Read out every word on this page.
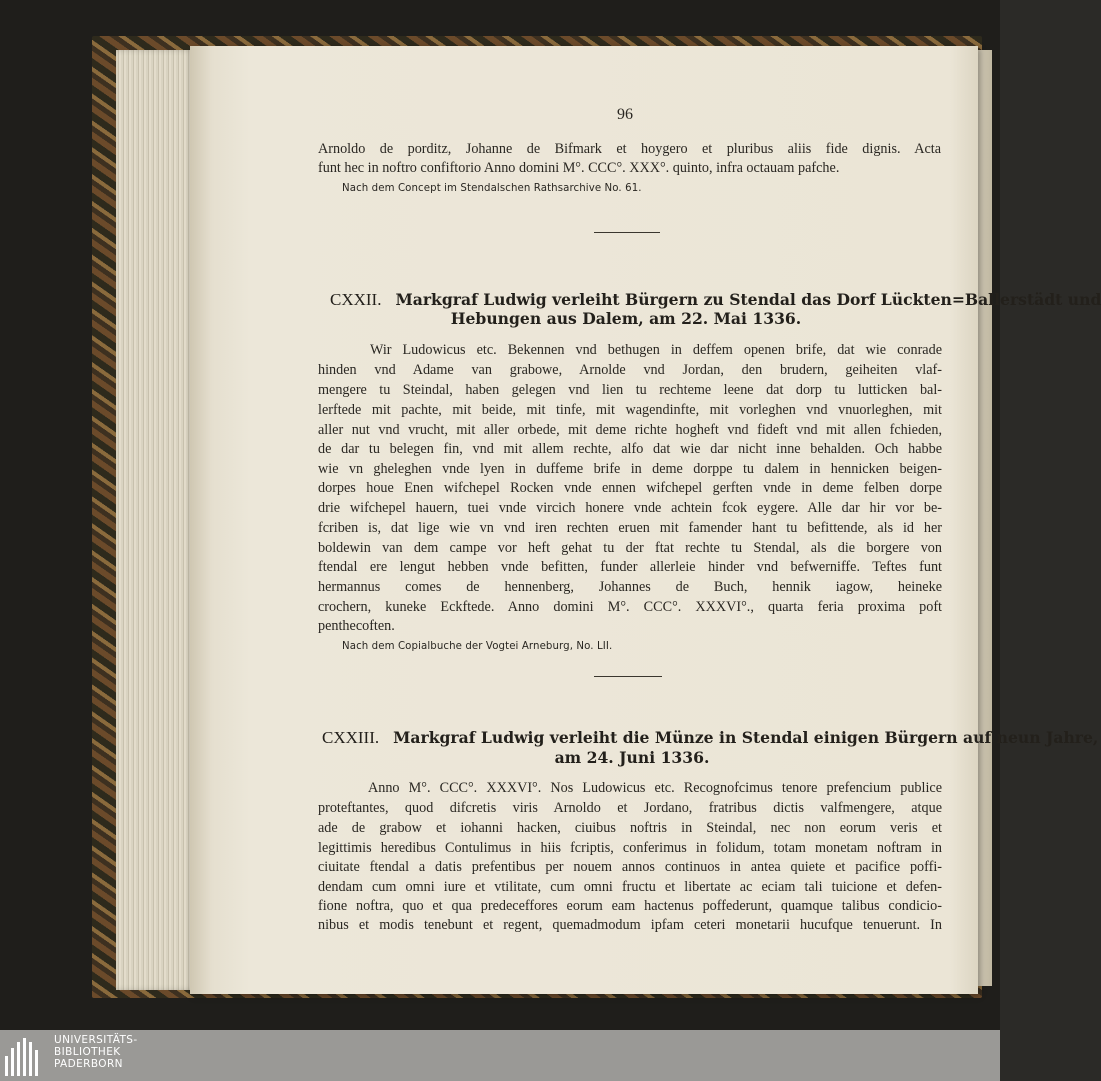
96
Arnoldo de porditz, Johanne de Bifmark et hoygero et pluribus aliis fide dignis. Acta
funt hec in noftro confiftorio Anno domini M°. CCC°. XXX°. quinto, infra octauam pafche.
Nach dem Concept im Stendalschen Rathsarchive No. 61.
CXXII. Markgraf Ludwig verleiht Bürgern zu Stendal das Dorf Lückten=Ballerstädt und
Hebungen aus Dalem, am 22. Mai 1336.
Wir Ludowicus etc. Bekennen vnd bethugen in deffem openen brife, dat wie conrade
hinden vnd Adame van grabowe, Arnolde vnd Jordan, den brudern, geiheiten vlaf-
mengere tu Steindal, haben gelegen vnd lien tu rechteme leene dat dorp tu lutticken bal-
lerftede mit pachte, mit beide, mit tinfe, mit wagendinfte, mit vorleghen vnd vnuorleghen, mit
aller nut vnd vrucht, mit aller orbede, mit deme richte hogheft vnd fideft vnd mit allen fchieden,
de dar tu belegen fin, vnd mit allem rechte, alfo dat wie dar nicht inne behalden. Och habbe
wie vn gheleghen vnde lyen in duffeme brife in deme dorppe tu dalem in hennicken beigen-
dorpes houe Enen wifchepel Rocken vnde ennen wifchepel gerften vnde in deme felben dorpe
drie wifchepel hauern, tuei vnde vircich honere vnde achtein fcok eygere. Alle dar hir vor be-
fcriben is, dat lige wie vn vnd iren rechten eruen mit famender hant tu befittende, als id her
boldewin van dem campe vor heft gehat tu der ftat rechte tu Stendal, als die borgere von
ftendal ere lengut hebben vnde befitten, funder allerleie hinder vnd befwerniffe. Teftes funt
hermannus comes de hennenberg, Johannes de Buch, hennik iagow, heineke
crochern, kuneke Eckftede. Anno domini M°. CCC°. XXXVI°., quarta feria proxima poft
penthecoften.
Nach dem Copialbuche der Vogtei Arneburg, No. LII.
CXXIII. Markgraf Ludwig verleiht die Münze in Stendal einigen Bürgern auf neun Jahre,
am 24. Juni 1336.
Anno M°. CCC°. XXXVI°. Nos Ludowicus etc. Recognofcimus tenore prefencium publice
proteftantes, quod difcretis viris Arnoldo et Jordano, fratribus dictis valfmengere, atque
ade de grabow et iohanni hacken, ciuibus noftris in Steindal, nec non eorum veris et
legittimis heredibus Contulimus in hiis fcriptis, conferimus in folidum, totam monetam noftram in
ciuitate ftendal a datis prefentibus per nouem annos continuos in antea quiete et pacifice poffi-
dendam cum omni iure et vtilitate, cum omni fructu et libertate ac eciam tali tuicione et defen-
fione noftra, quo et qua predeceffores eorum eam hactenus poffederunt, quamque talibus condicio-
nibus et modis tenebunt et regent, quemadmodum ipfam ceteri monetarii hucufque tenuerunt. In
UNIVERSITÄTS-
BIBLIOTHEK
PADERBORN
